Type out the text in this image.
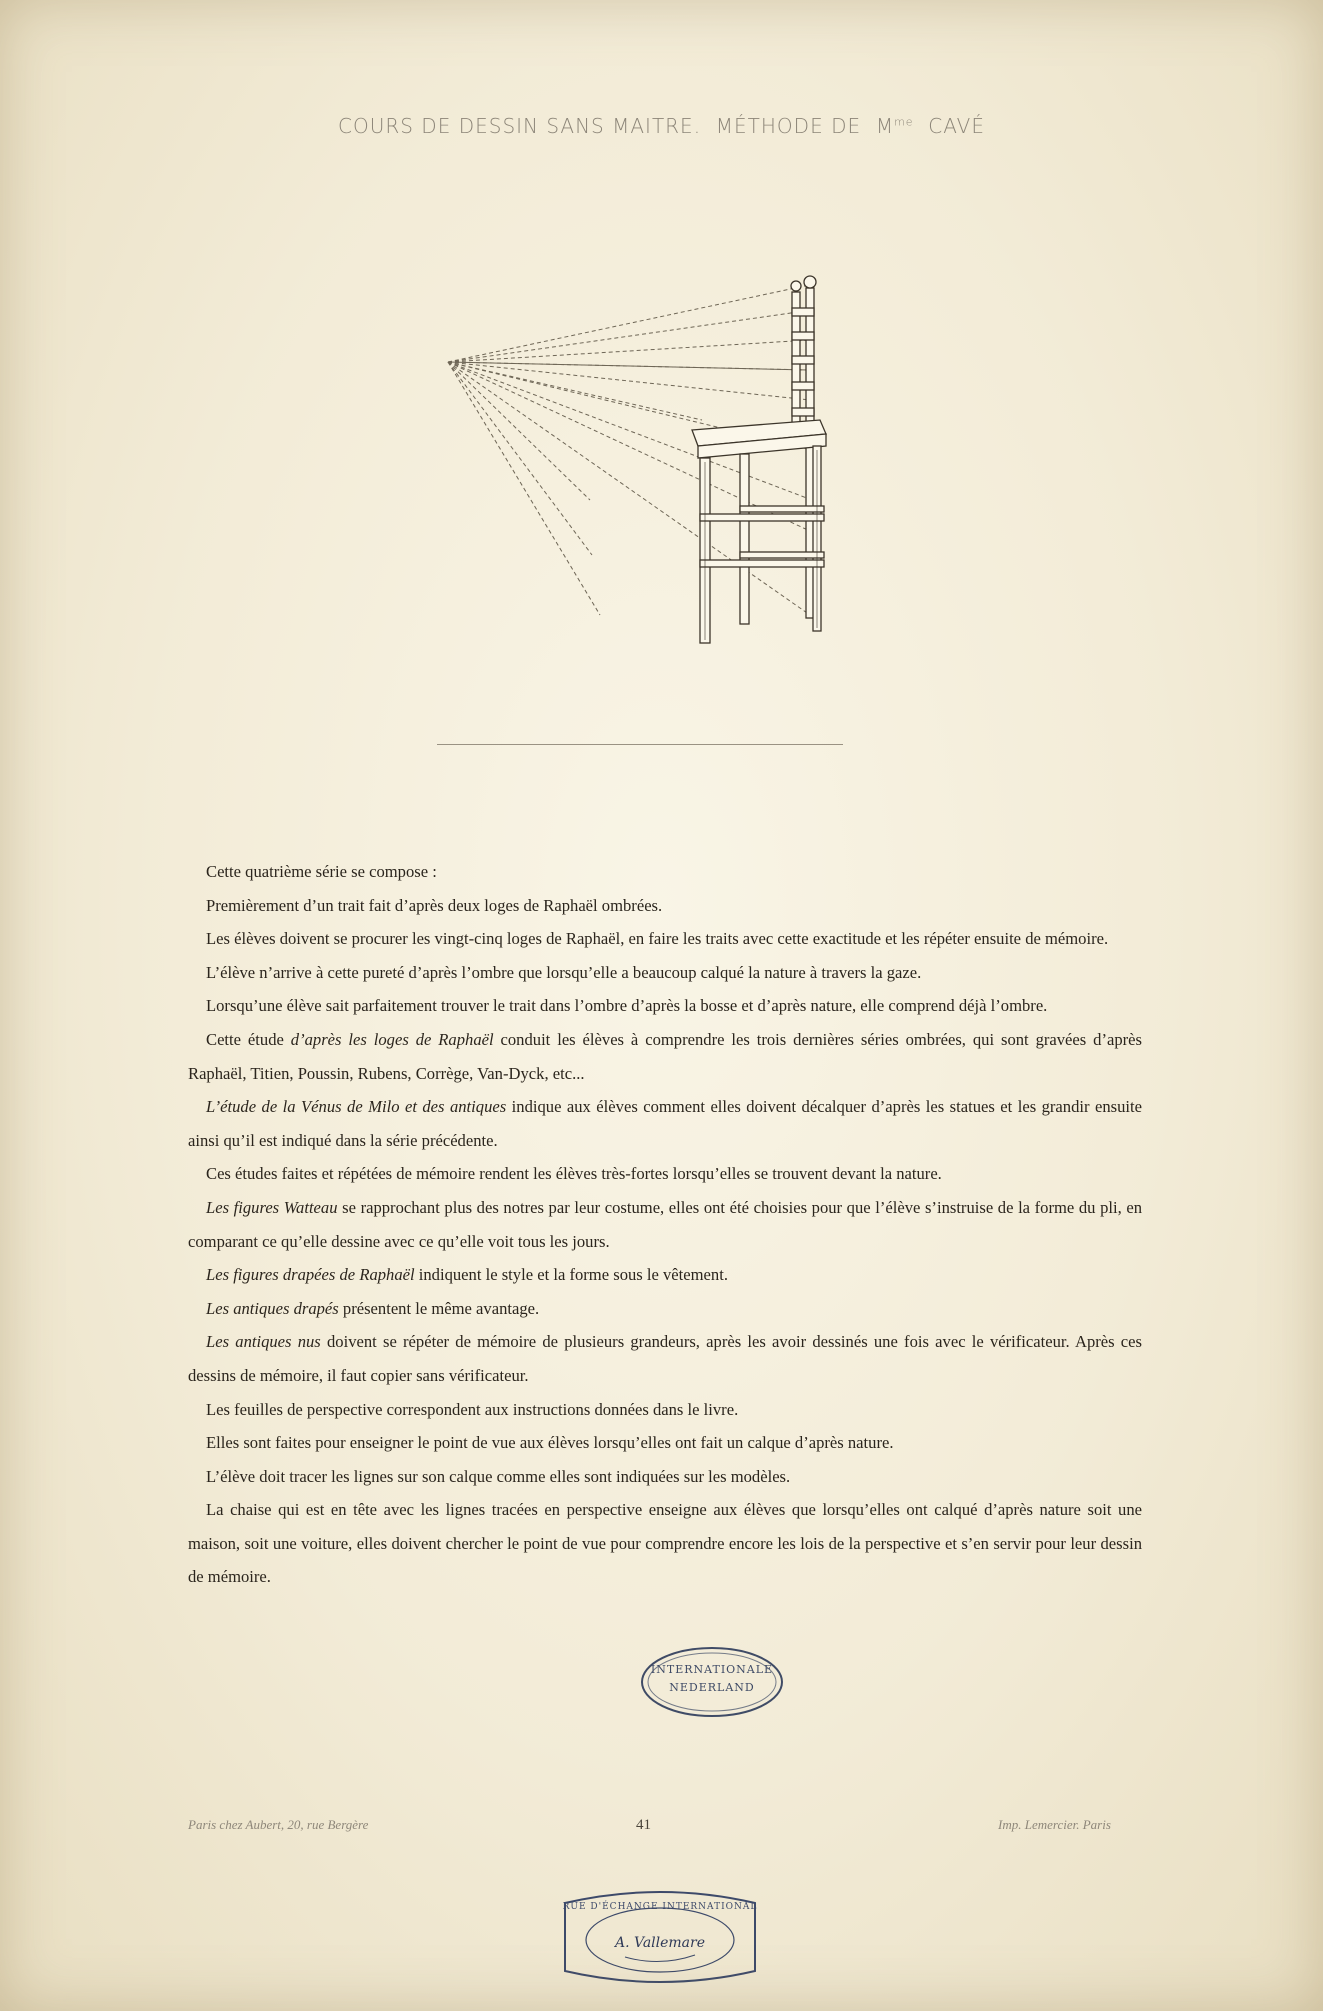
COURS DE DESSIN SANS MAITRE. MÉTHODE DE $M^{me}$ CAVÉ

Cette quatrième série se compose :

Premièrement d’un trait fait d’après deux loges de Raphaël ombrées.

Les élèves doivent se procurer les vingt-cinq loges de Raphaël, en faire les traits avec cette exactitude et les répéter ensuite de mémoire.

L’élève n’arrive à cette pureté d’après l’ombre que lorsqu’elle a beaucoup calqué la nature à travers la gaze.

Lorsqu’une élève sait parfaitement trouver le trait dans l’ombre d’après la bosse et d’après nature, elle comprend déjà l’ombre.

Cette étude d’après les loges de Raphaël conduit les élèves à comprendre les trois dernières séries ombrées, qui sont gravées d’après Raphaël, Titien, Poussin, Rubens, Corrège, Van-Dyck, etc...

L’étude de la Vénus de Milo et des antiques indique aux élèves comment elles doivent décalquer d’après les statues et les grandir ensuite ainsi qu’il est indiqué dans la série précédente.

Ces études faites et répétées de mémoire rendent les élèves très-fortes lorsqu’elles se trouvent devant la nature.

Les figures Watteau se rapprochant plus des notres par leur costume, elles ont été choisies pour que l’élève s’instruise de la forme du pli, en comparant ce qu’elle dessine avec ce qu’elle voit tous les jours.

Les figures drapées de Raphaël indiquent le style et la forme sous le vêtement.

Les antiques drapés présentent le même avantage.

Les antiques nus doivent se répéter de mémoire de plusieurs grandeurs, après les avoir dessinés une fois avec le vérificateur. Après ces dessins de mémoire, il faut copier sans vérificateur.

Les feuilles de perspective correspondent aux instructions données dans le livre.

Elles sont faites pour enseigner le point de vue aux élèves lorsqu’elles ont fait un calque d’après nature.

L’élève doit tracer les lignes sur son calque comme elles sont indiquées sur les modèles.

La chaise qui est en tête avec les lignes tracées en perspective enseigne aux élèves que lorsqu’elles ont calqué d’après nature soit une maison, soit une voiture, elles doivent chercher le point de vue pour comprendre encore les lois de la perspective et s’en servir pour leur dessin de mémoire.

INTERNATIONALE
NEDERLAND
Paris chez Aubert, 20, rue Bergère	41	Imp. Lemercier. Paris
RUE D'ÉCHANGE INTERNATIONAL
A. Vallemare
